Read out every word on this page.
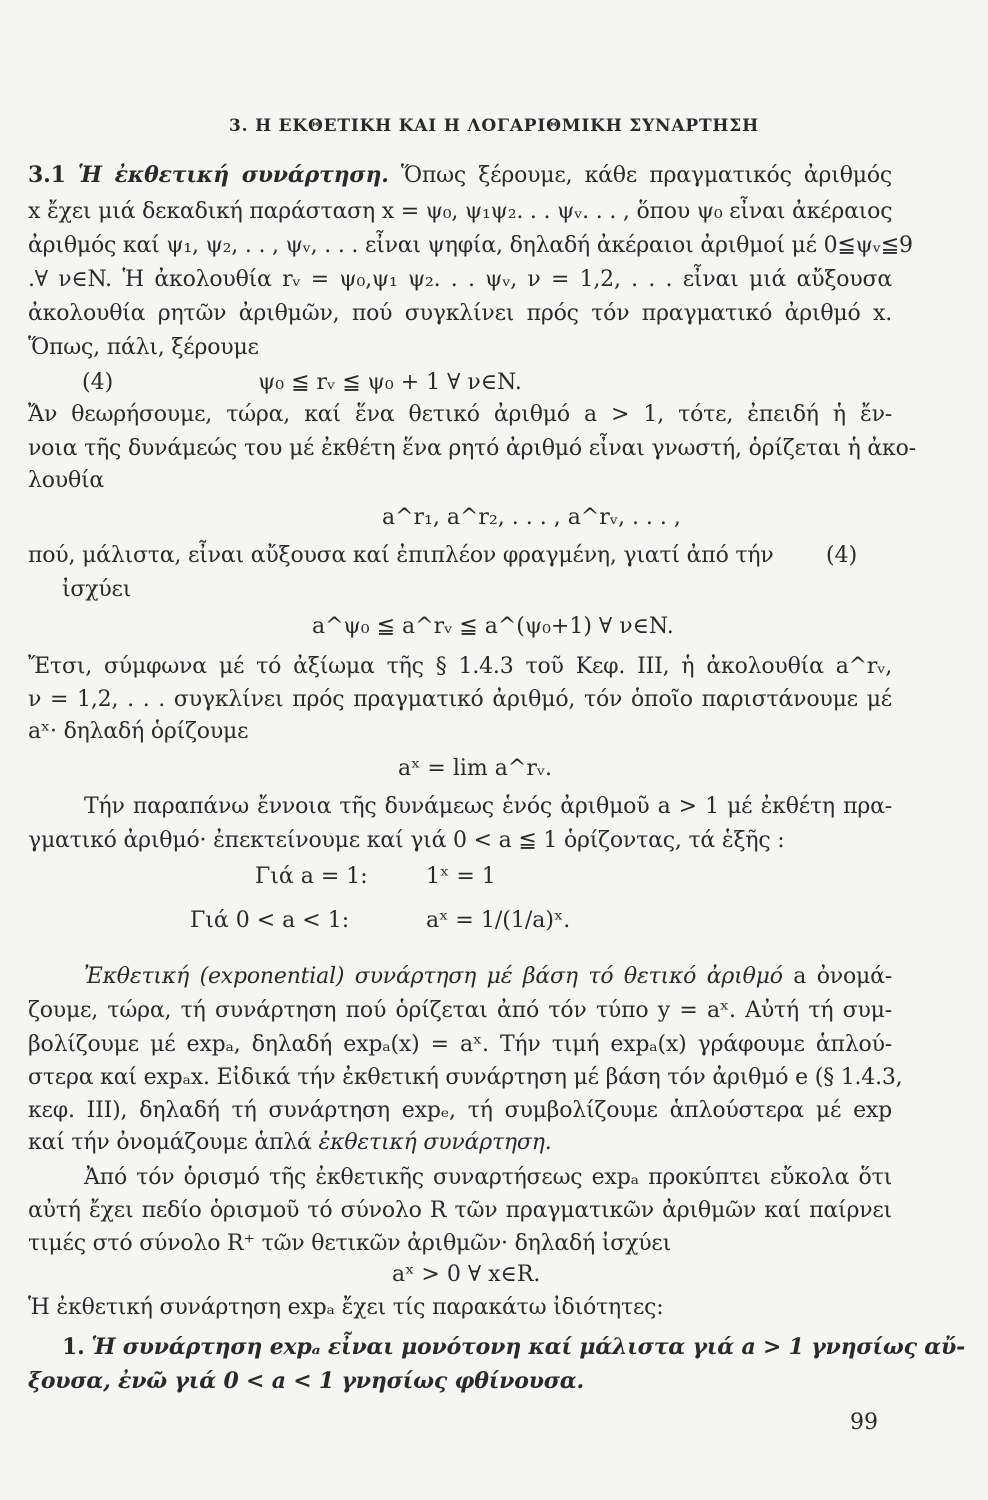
3. Η ΕΚΘΕΤΙΚΗ ΚΑΙ Η ΛΟΓΑΡΙΘΜΙΚΗ ΣΥΝΑΡΤΗΣΗ
3.1 Ἡ ἐκθετική συνάρτηση. Ὅπως ξέρουμε, κάθε πραγματικός ἀριθμός
x ἔχει μιά δεκαδική παράσταση x = ψ₀, ψ₁ψ₂. . . ψᵥ. . . , ὅπου ψ₀ εἶναι ἀκέραιος
ἀριθμός καί ψ₁, ψ₂, . . , ψᵥ, . . . εἶναι ψηφία, δηλαδή ἀκέραιοι ἀριθμοί μέ 0≦ψᵥ≦9
.∀ ν∈N. Ἡ ἀκολουθία rᵥ = ψ₀,ψ₁ ψ₂. . . ψᵥ, ν = 1,2, . . . εἶναι μιά αὔξουσα
ἀκολουθία ρητῶν ἀριθμῶν, πού συγκλίνει πρός τόν πραγματικό ἀριθμό x.
Ὅπως, πάλι, ξέρουμε
(4)	ψ₀ ≦ rᵥ ≦ ψ₀ + 1 ∀ ν∈N.
Ἄν θεωρήσουμε, τώρα, καί ἕνα θετικό ἀριθμό a > 1, τότε, ἐπειδή ἡ ἔν-
νοια τῆς δυνάμεώς του μέ ἐκθέτη ἕνα ρητό ἀριθμό εἶναι γνωστή, ὁρίζεται ἡ ἀκο-
λουθία
a^r₁, a^r₂, . . . , a^rᵥ, . . . ,
πού, μάλιστα, εἶναι αὔξουσα καί ἐπιπλέον φραγμένη, γιατί ἀπό τήν	(4)
ἰσχύει
a^ψ₀ ≦ a^rᵥ ≦ a^(ψ₀+1) ∀ ν∈N.
Ἔτσι, σύμφωνα μέ τό ἀξίωμα τῆς § 1.4.3 τοῦ Κεφ. III, ἡ ἀκολουθία a^rᵥ,
ν = 1,2, . . . συγκλίνει πρός πραγματικό ἀριθμό, τόν ὁποῖο παριστάνουμε μέ
aˣ· δηλαδή ὁρίζουμε
aˣ = lim a^rᵥ.
Τήν παραπάνω ἔννοια τῆς δυνάμεως ἑνός ἀριθμοῦ a > 1 μέ ἐκθέτη πρα-
γματικό ἀριθμό· ἐπεκτείνουμε καί γιά 0 < a ≦ 1 ὁρίζοντας, τά ἑξῆς :
Γιά a = 1:	1ˣ = 1
Γιά 0 < a < 1:	aˣ = 1/(1/a)ˣ.
Ἐκθετική (exponential) συνάρτηση μέ βάση τό θετικό ἀριθμό a ὀνομά-
ζουμε, τώρα, τή συνάρτηση πού ὁρίζεται ἀπό τόν τύπο y = aˣ. Αὐτή τή συμ-
βολίζουμε μέ expₐ, δηλαδή expₐ(x) = aˣ. Τήν τιμή expₐ(x) γράφουμε ἁπλού-
στερα καί expₐx. Εἰδικά τήν ἐκθετική συνάρτηση μέ βάση τόν ἀριθμό e (§ 1.4.3,
κεφ. III), δηλαδή τή συνάρτηση expₑ, τή συμβολίζουμε ἁπλούστερα μέ exp
καί τήν ὀνομάζουμε ἁπλά ἐκθετική συνάρτηση.
Ἀπό τόν ὁρισμό τῆς ἐκθετικῆς συναρτήσεως expₐ προκύπτει εὔκολα ὅτι
αὐτή ἔχει πεδίο ὁρισμοῦ τό σύνολο R τῶν πραγματικῶν ἀριθμῶν καί παίρνει
τιμές στό σύνολο R⁺ τῶν θετικῶν ἀριθμῶν· δηλαδή ἰσχύει
aˣ > 0 ∀ x∈R.
Ἡ ἐκθετική συνάρτηση expₐ ἔχει τίς παρακάτω ἰδιότητες:
1. Ἡ συνάρτηση expₐ εἶναι μονότονη καί μάλιστα γιά a > 1 γνησίως αὔ-
ξουσα, ἐνῶ γιά 0 < a < 1 γνησίως φθίνουσα.
99
